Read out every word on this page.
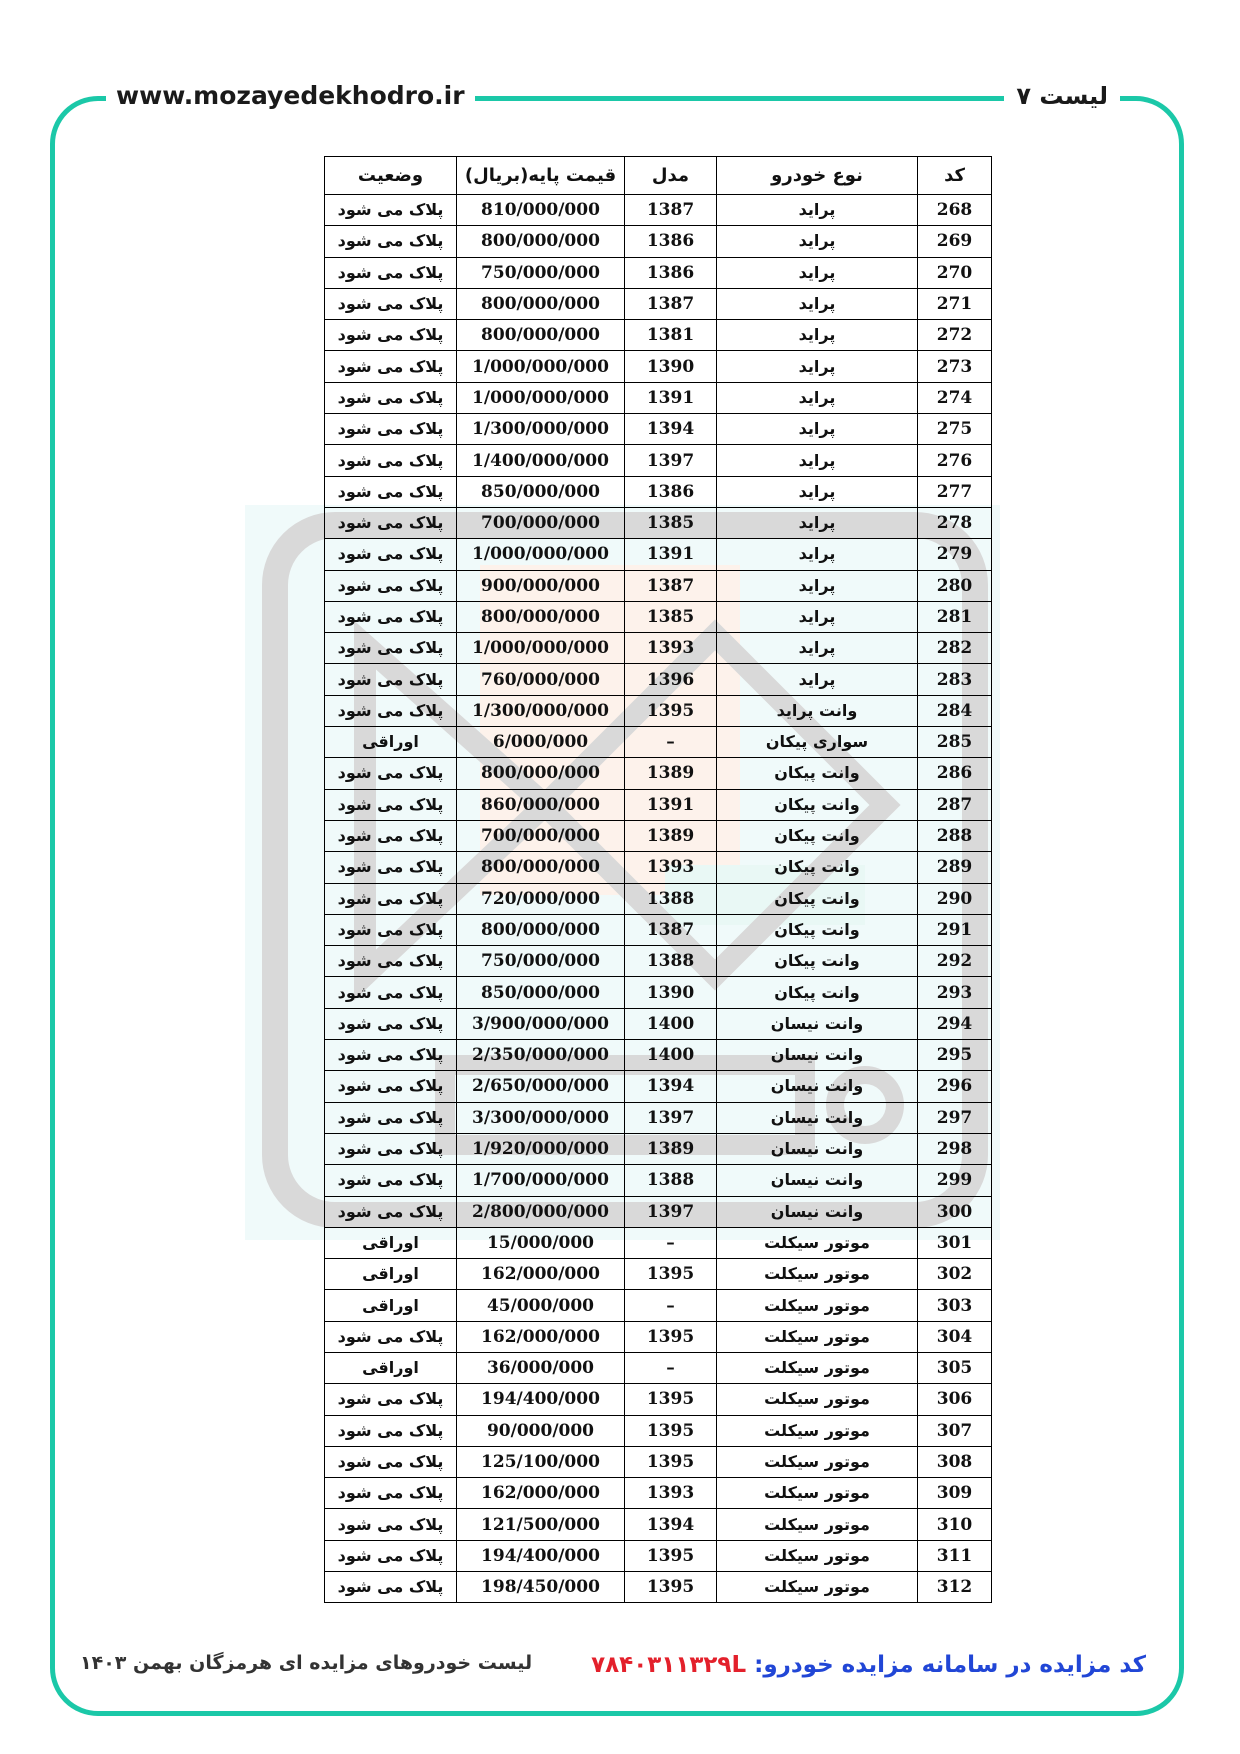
www.mozayedekhodro.ir	لیست ۷
کد	نوع خودرو	مدل	قیمت پایه(بریال)	وضعیت
268	پراید	1387	810/000/000	پلاک می شود
269	پراید	1386	800/000/000	پلاک می شود
270	پراید	1386	750/000/000	پلاک می شود
271	پراید	1387	800/000/000	پلاک می شود
272	پراید	1381	800/000/000	پلاک می شود
273	پراید	1390	1/000/000/000	پلاک می شود
274	پراید	1391	1/000/000/000	پلاک می شود
275	پراید	1394	1/300/000/000	پلاک می شود
276	پراید	1397	1/400/000/000	پلاک می شود
277	پراید	1386	850/000/000	پلاک می شود
278	پراید	1385	700/000/000	پلاک می شود
279	پراید	1391	1/000/000/000	پلاک می شود
280	پراید	1387	900/000/000	پلاک می شود
281	پراید	1385	800/000/000	پلاک می شود
282	پراید	1393	1/000/000/000	پلاک می شود
283	پراید	1396	760/000/000	پلاک می شود
284	وانت پراید	1395	1/300/000/000	پلاک می شود
285	سواری پیکان	–	6/000/000	اوراقی
286	وانت پیکان	1389	800/000/000	پلاک می شود
287	وانت پیکان	1391	860/000/000	پلاک می شود
288	وانت پیکان	1389	700/000/000	پلاک می شود
289	وانت پیکان	1393	800/000/000	پلاک می شود
290	وانت پیکان	1388	720/000/000	پلاک می شود
291	وانت پیکان	1387	800/000/000	پلاک می شود
292	وانت پیکان	1388	750/000/000	پلاک می شود
293	وانت پیکان	1390	850/000/000	پلاک می شود
294	وانت نیسان	1400	3/900/000/000	پلاک می شود
295	وانت نیسان	1400	2/350/000/000	پلاک می شود
296	وانت نیسان	1394	2/650/000/000	پلاک می شود
297	وانت نیسان	1397	3/300/000/000	پلاک می شود
298	وانت نیسان	1389	1/920/000/000	پلاک می شود
299	وانت نیسان	1388	1/700/000/000	پلاک می شود
300	وانت نیسان	1397	2/800/000/000	پلاک می شود
301	موتور سیکلت	–	15/000/000	اوراقی
302	موتور سیکلت	1395	162/000/000	اوراقی
303	موتور سیکلت	–	45/000/000	اوراقی
304	موتور سیکلت	1395	162/000/000	پلاک می شود
305	موتور سیکلت	–	36/000/000	اوراقی
306	موتور سیکلت	1395	194/400/000	پلاک می شود
307	موتور سیکلت	1395	90/000/000	پلاک می شود
308	موتور سیکلت	1395	125/100/000	پلاک می شود
309	موتور سیکلت	1393	162/000/000	پلاک می شود
310	موتور سیکلت	1394	121/500/000	پلاک می شود
311	موتور سیکلت	1395	194/400/000	پلاک می شود
312	موتور سیکلت	1395	198/450/000	پلاک می شود
کد مزایده در سامانه مزایده خودرو:۷۸۴۰۳۱۱۳۲۹L
لیست خودروهای مزایده ای هرمزگان بهمن ۱۴۰۳
